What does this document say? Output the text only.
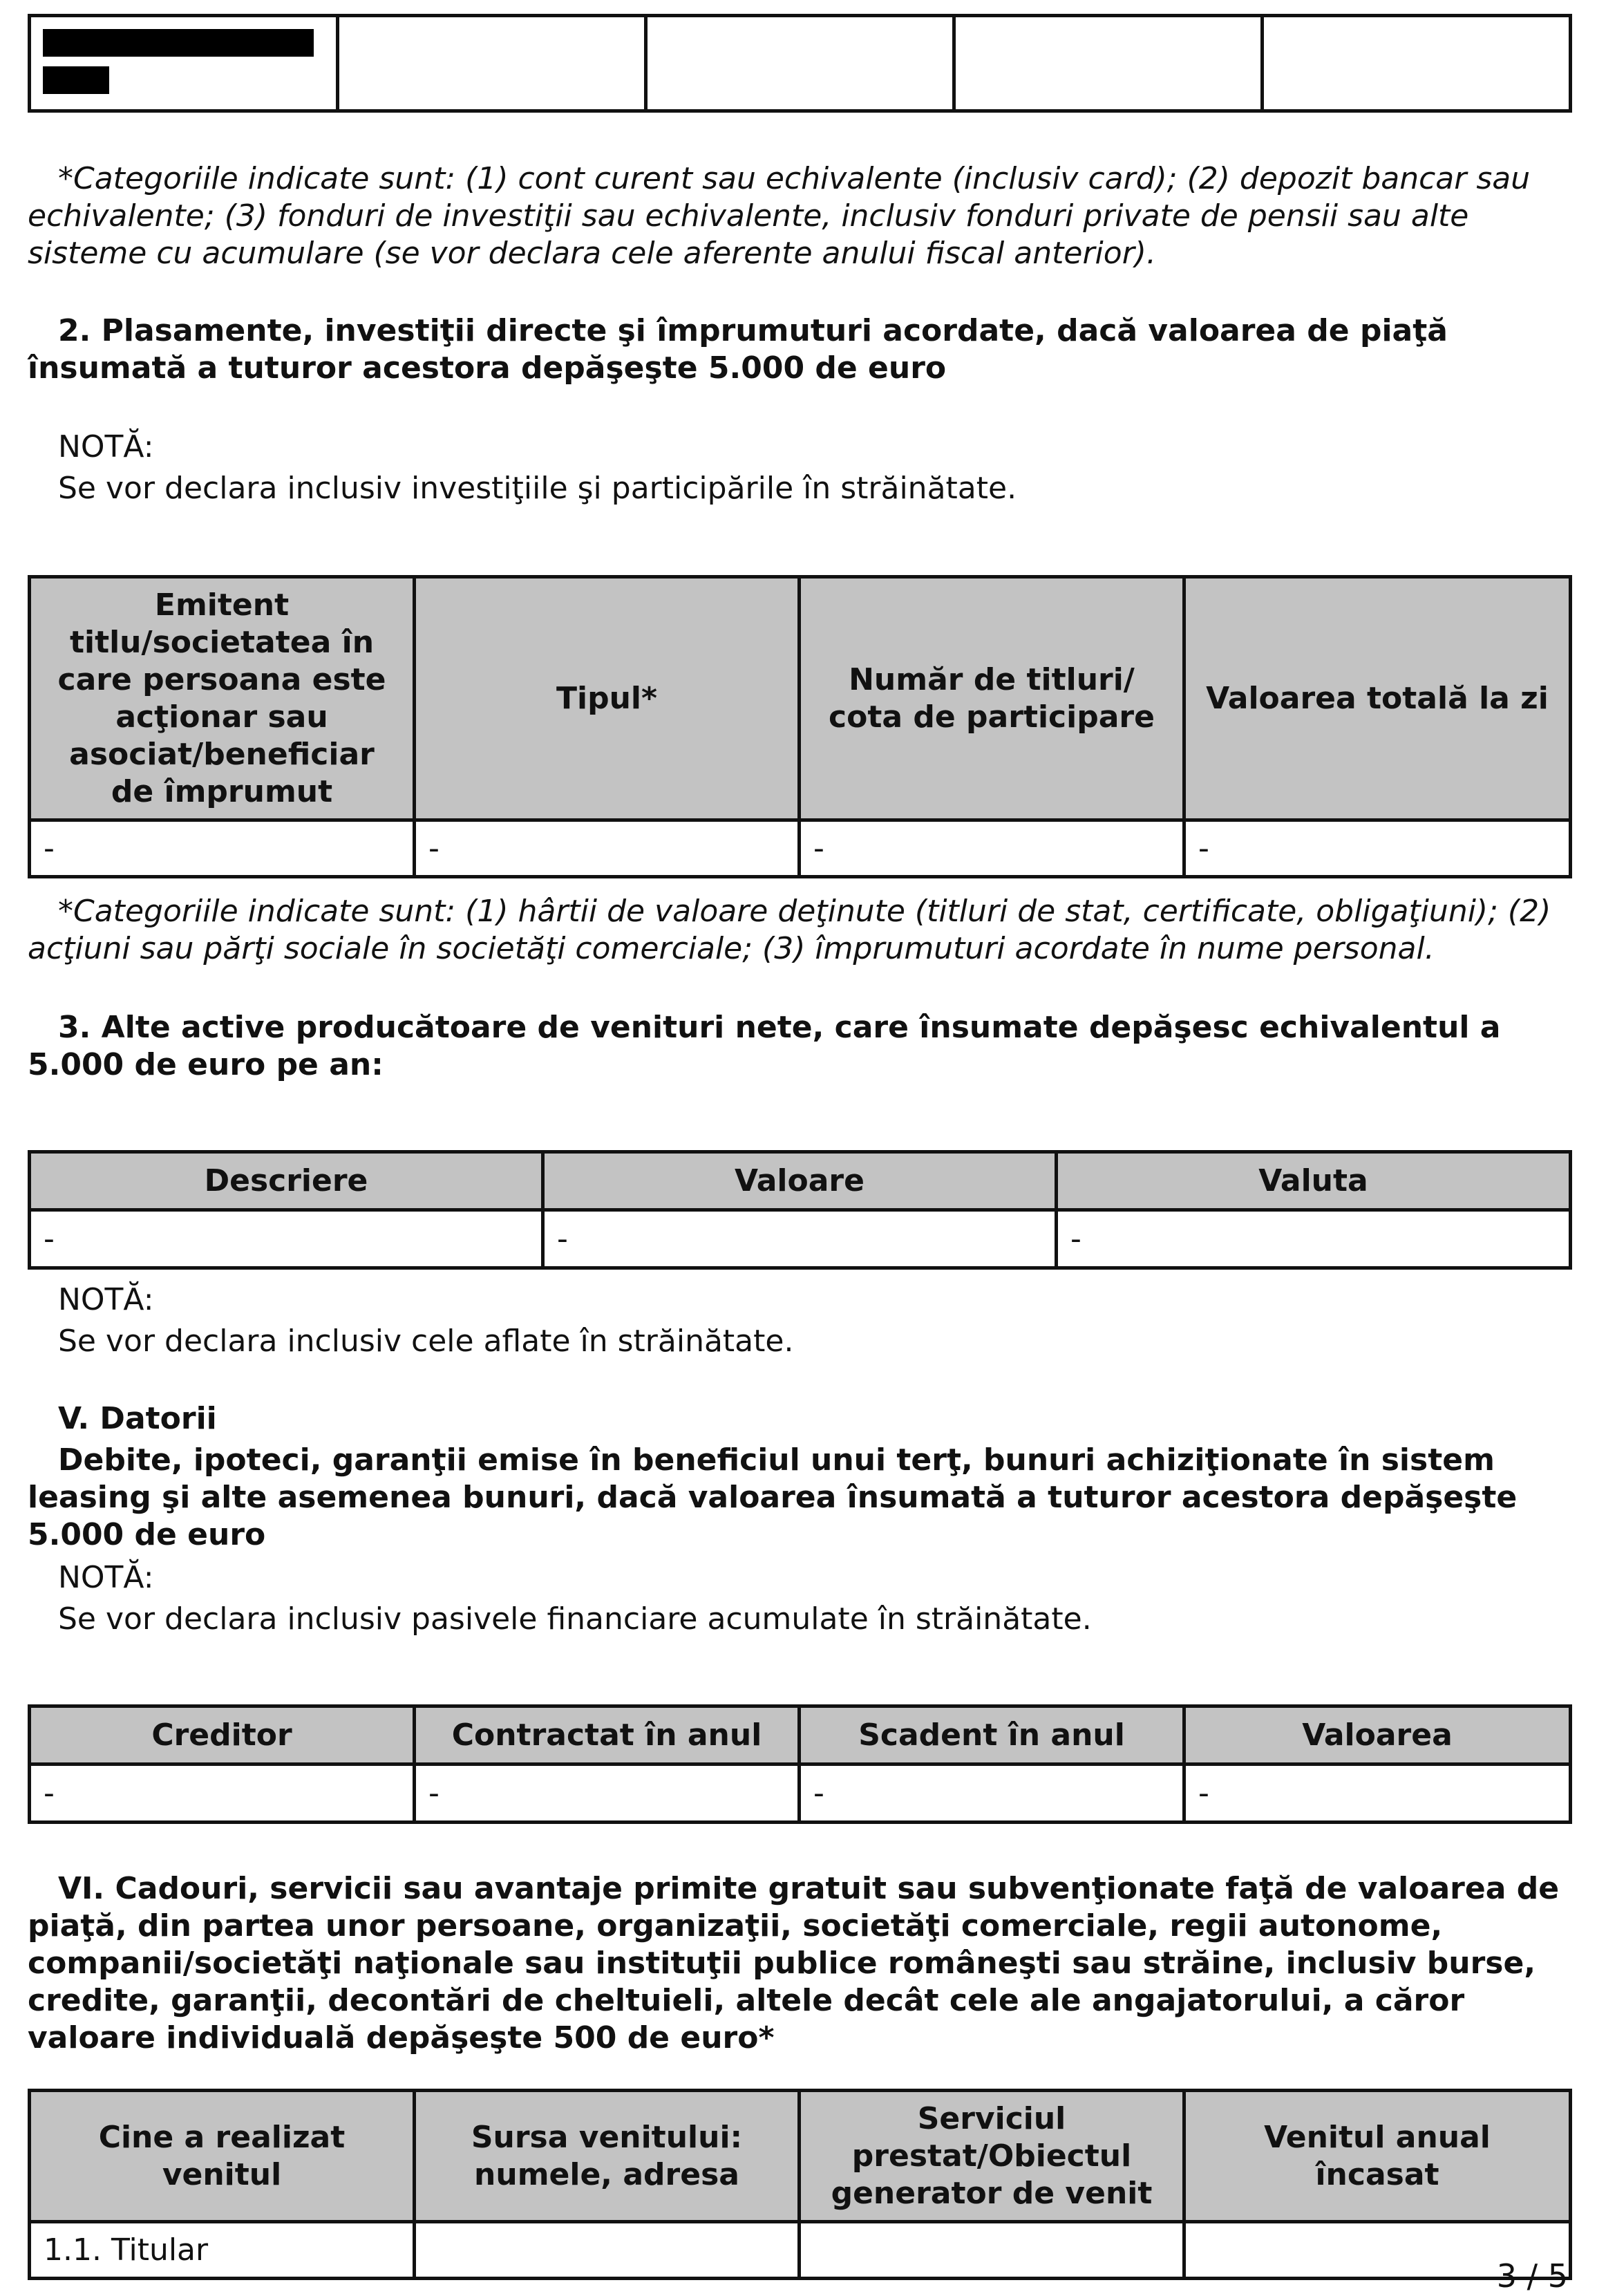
*Categoriile indicate sunt: (1) cont curent sau echivalente (inclusiv card); (2) depozit bancar sau echivalente; (3) fonduri de investiţii sau echivalente, inclusiv fonduri private de pensii sau alte sisteme cu acumulare (se vor declara cele aferente anului fiscal anterior).
2. Plasamente, investiţii directe şi împrumuturi acordate, dacă valoarea de piaţă însumată a tuturor acestora depăşeşte 5.000 de euro
NOTĂ:
Se vor declara inclusiv investiţiile şi participările în străinătate.
Emitent titlu/societatea în care persoana este acţionar sau asociat/beneficiar de împrumut	Tipul*	Număr de titluri/ cota de participare	Valoarea totală la zi
-	-	-	-
*Categoriile indicate sunt: (1) hârtii de valoare deţinute (titluri de stat, certificate, obligaţiuni); (2) acţiuni sau părţi sociale în societăţi comerciale; (3) împrumuturi acordate în nume personal.
3. Alte active producătoare de venituri nete, care însumate depăşesc echivalentul a 5.000 de euro pe an:
Descriere	Valoare	Valuta
-	-	-
NOTĂ:
Se vor declara inclusiv cele aflate în străinătate.
V. Datorii
Debite, ipoteci, garanţii emise în beneficiul unui terţ, bunuri achiziţionate în sistem leasing şi alte asemenea bunuri, dacă valoarea însumată a tuturor acestora depăşeşte 5.000 de euro
NOTĂ:
Se vor declara inclusiv pasivele financiare acumulate în străinătate.
Creditor	Contractat în anul	Scadent în anul	Valoarea
-	-	-	-
VI. Cadouri, servicii sau avantaje primite gratuit sau subvenţionate faţă de valoarea de piaţă, din partea unor persoane, organizaţii, societăţi comerciale, regii autonome, companii/societăţi naţionale sau instituţii publice româneşti sau străine, inclusiv burse, credite, garanţii, decontări de cheltuieli, altele decât cele ale angajatorului, a căror valoare individuală depăşeşte 500 de euro*
Cine a realizat venitul	Sursa venitului: numele, adresa	Serviciul prestat/Obiectul generator de venit	Venitul anual încasat
1.1. Titular			
3 / 5
